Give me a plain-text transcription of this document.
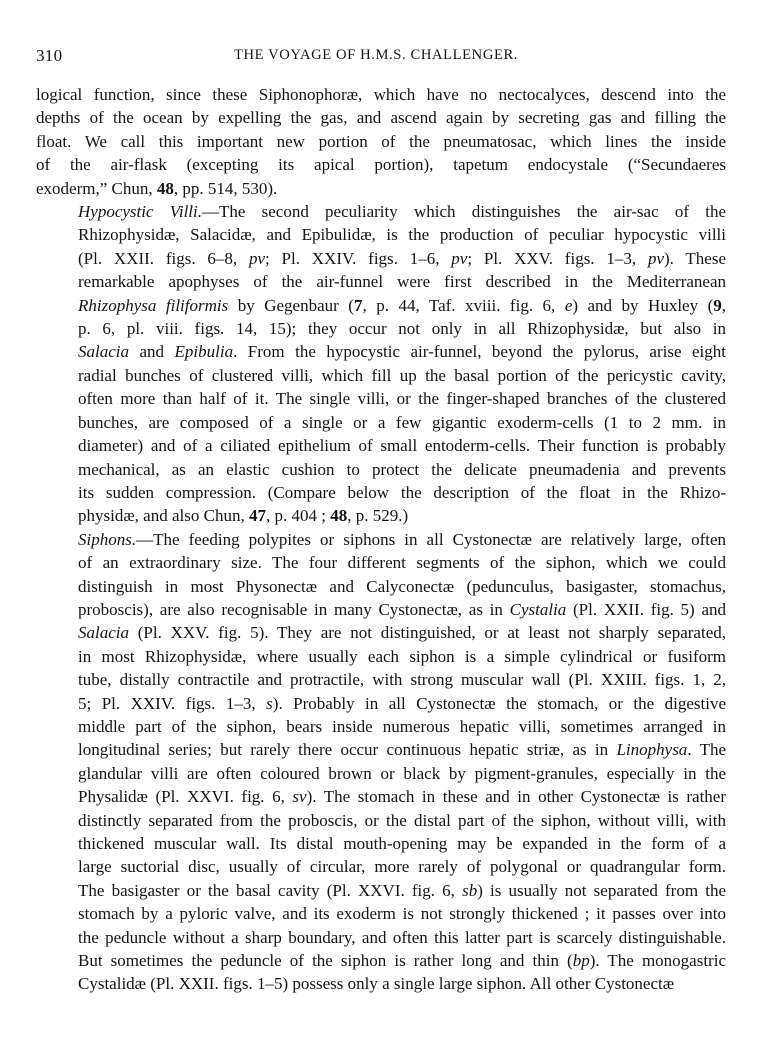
310	THE VOYAGE OF H.M.S. CHALLENGER.

logical function, since these Siphonophoræ, which have no nectocalyces, descend into the
depths of the ocean by expelling the gas, and ascend again by secreting gas and filling the
float. We call this important new portion of the pneumatosac, which lines the inside
of the air-flask (excepting its apical portion), tapetum endocystale (“Secundaeres
exoderm,” Chun, 48, pp. 514, 530).

Hypocystic Villi.—The second peculiarity which distinguishes the air-sac of the
Rhizophysidæ, Salacidæ, and Epibulidæ, is the production of peculiar hypocystic villi
(Pl. XXII. figs. 6–8, pv; Pl. XXIV. figs. 1–6, pv; Pl. XXV. figs. 1–3, pv). These
remarkable apophyses of the air-funnel were first described in the Mediterranean
Rhizophysa filiformis by Gegenbaur (7, p. 44, Taf. xviii. fig. 6, e) and by Huxley (9,
p. 6, pl. viii. figs. 14, 15); they occur not only in all Rhizophysidæ, but also in
Salacia and Epibulia. From the hypocystic air-funnel, beyond the pylorus, arise eight
radial bunches of clustered villi, which fill up the basal portion of the pericystic cavity,
often more than half of it. The single villi, or the finger-shaped branches of the clustered
bunches, are composed of a single or a few gigantic exoderm-cells (1 to 2 mm. in
diameter) and of a ciliated epithelium of small entoderm-cells. Their function is probably
mechanical, as an elastic cushion to protect the delicate pneumadenia and prevents
its sudden compression. (Compare below the description of the float in the Rhizo-
physidæ, and also Chun, 47, p. 404 ; 48, p. 529.)

Siphons.—The feeding polypites or siphons in all Cystonectæ are relatively large, often
of an extraordinary size. The four different segments of the siphon, which we could
distinguish in most Physonectæ and Calyconectæ (pedunculus, basigaster, stomachus,
proboscis), are also recognisable in many Cystonectæ, as in Cystalia (Pl. XXII. fig. 5) and
Salacia (Pl. XXV. fig. 5). They are not distinguished, or at least not sharply separated,
in most Rhizophysidæ, where usually each siphon is a simple cylindrical or fusiform
tube, distally contractile and protractile, with strong muscular wall (Pl. XXIII. figs. 1, 2,
5; Pl. XXIV. figs. 1–3, s). Probably in all Cystonectæ the stomach, or the digestive
middle part of the siphon, bears inside numerous hepatic villi, sometimes arranged in
longitudinal series; but rarely there occur continuous hepatic striæ, as in Linophysa. The
glandular villi are often coloured brown or black by pigment-granules, especially in the
Physalidæ (Pl. XXVI. fig. 6, sv). The stomach in these and in other Cystonectæ is rather
distinctly separated from the proboscis, or the distal part of the siphon, without villi, with
thickened muscular wall. Its distal mouth-opening may be expanded in the form of a
large suctorial disc, usually of circular, more rarely of polygonal or quadrangular form.
The basigaster or the basal cavity (Pl. XXVI. fig. 6, sb) is usually not separated from the
stomach by a pyloric valve, and its exoderm is not strongly thickened ; it passes over into
the peduncle without a sharp boundary, and often this latter part is scarcely distinguishable.
But sometimes the peduncle of the siphon is rather long and thin (bp). The monogastric
Cystalidæ (Pl. XXII. figs. 1–5) possess only a single large siphon. All other Cystonectæ
